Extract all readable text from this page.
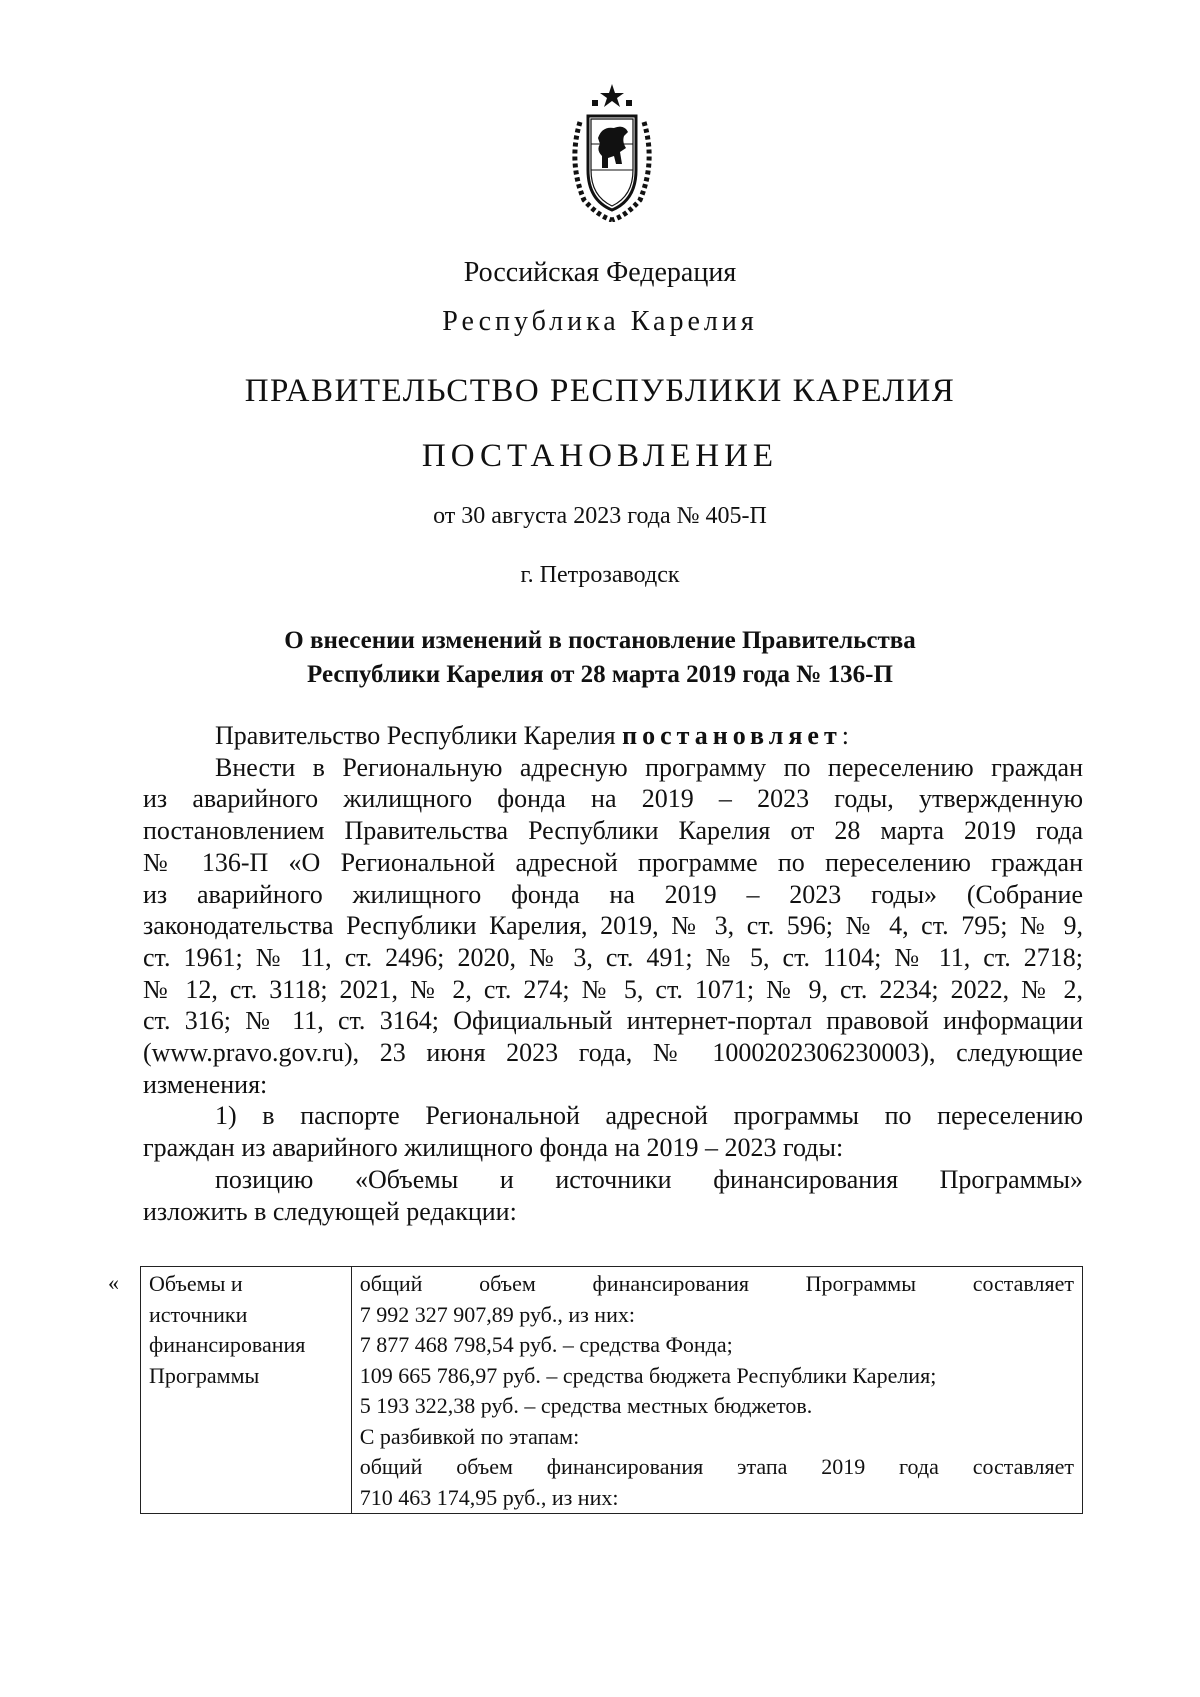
Российская Федерация
Республика Карелия
ПРАВИТЕЛЬСТВО РЕСПУБЛИКИ КАРЕЛИЯ
ПОСТАНОВЛЕНИЕ
от 30 августа 2023 года № 405-П
г. Петрозаводск
О внесении изменений в постановление Правительства
Республики Карелия от 28 марта 2019 года № 136-П
Правительство Республики Карелия постановляет:
Внести в Региональную адресную программу по переселению граждан
из аварийного жилищного фонда на 2019 – 2023 годы, утвержденную
постановлением Правительства Республики Карелия от 28 марта 2019 года
№ 136-П «О Региональной адресной программе по переселению граждан
из аварийного жилищного фонда на 2019 – 2023 годы» (Собрание
законодательства Республики Карелия, 2019, № 3, ст. 596; № 4, ст. 795; № 9,
ст. 1961; № 11, ст. 2496; 2020, № 3, ст. 491; № 5, ст. 1104; № 11, ст. 2718;
№ 12, ст. 3118; 2021, № 2, ст. 274; № 5, ст. 1071; № 9, ст. 2234; 2022, № 2,
ст. 316; № 11, ст. 3164; Официальный интернет-портал правовой информации
(www.pravo.gov.ru), 23 июня 2023 года, № 1000202306230003), следующие
изменения:
1) в паспорте Региональной адресной программы по переселению
граждан из аварийного жилищного фонда на 2019 – 2023 годы:
позицию «Объемы и источники финансирования Программы»
изложить в следующей редакции:
« Объемы и
источники
финансирования
Программы

общий объем финансирования Программы составляет
7 992 327 907,89 руб., из них:
7 877 468 798,54 руб. – средства Фонда;
109 665 786,97 руб. – средства бюджета Республики Карелия;
5 193 322,38 руб. – средства местных бюджетов.
С разбивкой по этапам:
общий объем финансирования этапа 2019 года составляет
710 463 174,95 руб., из них:
